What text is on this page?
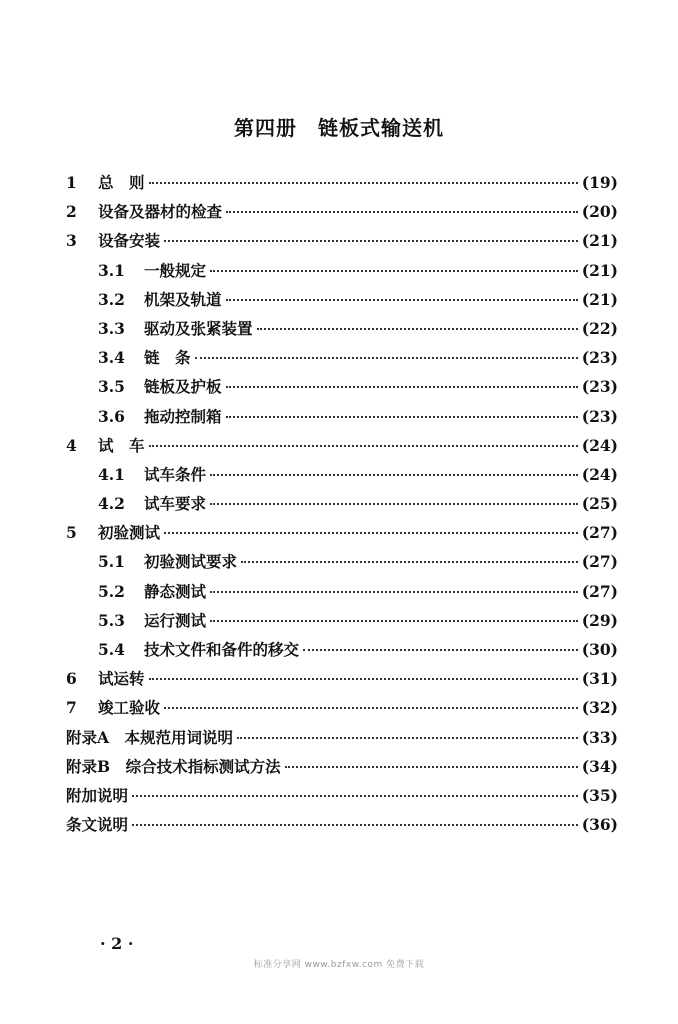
第四册　链板式输送机
1	总　则	(19)
2	设备及器材的检查	(20)
3	设备安装	(21)
3.1	一般规定	(21)
3.2	机架及轨道	(21)
3.3	驱动及张紧装置	(22)
3.4	链　条	(23)
3.5	链板及护板	(23)
3.6	拖动控制箱	(23)
4	试　车	(24)
4.1	试车条件	(24)
4.2	试车要求	(25)
5	初验测试	(27)
5.1	初验测试要求	(27)
5.2	静态测试	(27)
5.3	运行测试	(29)
5.4	技术文件和备件的移交	(30)
6	试运转	(31)
7	竣工验收	(32)
附录A　本规范用词说明	(33)
附录B　综合技术指标测试方法	(34)
附加说明	(35)
条文说明	(36)
· 2 ·
标准分享网 www.bzfxw.com 免费下载
